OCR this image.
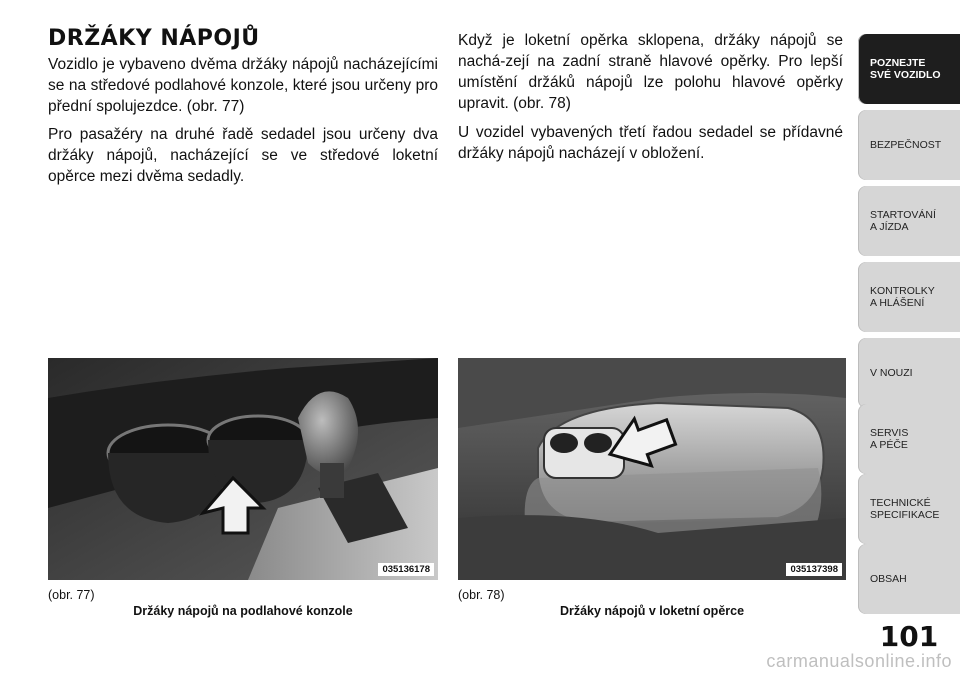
DRŽÁKY NÁPOJŮ

Vozidlo je vybaveno dvěma držáky nápojů nacházejícími se na středové podlahové konzole, které jsou určeny pro přední spolujezdce. (obr. 77)

Pro pasažéry na druhé řadě sedadel jsou určeny dva držáky nápojů, nacházející se ve středové loketní opěrce mezi dvěma sedadly.

Když je loketní opěrka sklopena, držáky nápojů se nachá-zejí na zadní straně hlavové opěrky. Pro lepší umístění držáků nápojů lze polohu hlavové opěrky upravit. (obr. 78)

U vozidel vybavených třetí řadou sedadel se přídavné držáky nápojů nacházejí v obložení.

035136178	035137398
(obr. 77)
Držáky nápojů na podlahové konzole
(obr. 78)
Držáky nápojů v loketní opěrce
POZNEJTE
SVÉ VOZIDLO
BEZPEČNOST
STARTOVÁNÍ
A JÍZDA
KONTROLKY
A HLÁŠENÍ
V NOUZI
SERVIS
A PÉČE
TECHNICKÉ
SPECIFIKACE
OBSAH
101
carmanualsonline.info
